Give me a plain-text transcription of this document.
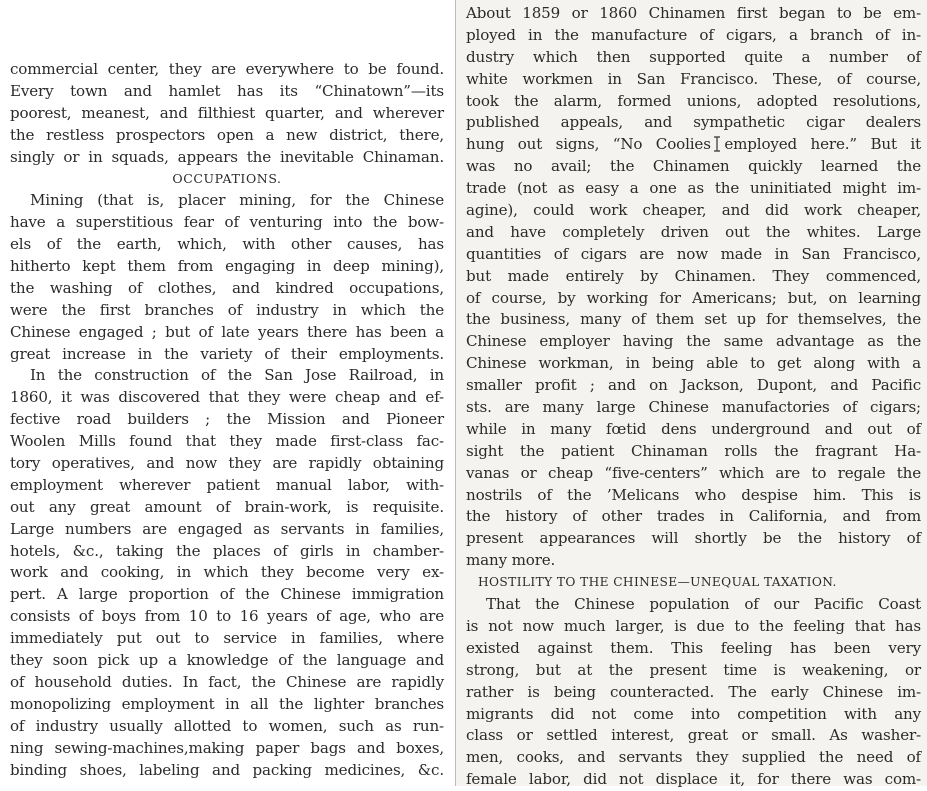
commercial center, they are everywhere to be found.
Every town and hamlet has its “Chinatown”—its
poorest, meanest, and filthiest quarter, and wherever
the restless prospectors open a new district, there,
singly or in squads, appears the inevitable Chinaman.
OCCUPATIONS.
Mining (that is, placer mining, for the Chinese
have a superstitious fear of venturing into the bow-
els of the earth, which, with other causes, has
hitherto kept them from engaging in deep mining),
the washing of clothes, and kindred occupations,
were the first branches of industry in which the
Chinese engaged ; but of late years there has been a
great increase in the variety of their employments.
In the construction of the San Jose Railroad, in
1860, it was discovered that they were cheap and ef-
fective road builders ; the Mission and Pioneer
Woolen Mills found that they made first-class fac-
tory operatives, and now they are rapidly obtaining
employment wherever patient manual labor, with-
out any great amount of brain-work, is requisite.
Large numbers are engaged as servants in families,
hotels, &c., taking the places of girls in chamber-
work and cooking, in which they become very ex-
pert. A large proportion of the Chinese immigration
consists of boys from 10 to 16 years of age, who are
immediately put out to service in families, where
they soon pick up a knowledge of the language and
of household duties. In fact, the Chinese are rapidly
monopolizing employment in all the lighter branches
of industry usually allotted to women, such as run-
ning sewing-machines,making paper bags and boxes,
binding shoes, labeling and packing medicines, &c.
About 1859 or 1860 Chinamen first began to be em-
ployed in the manufacture of cigars, a branch of in-
dustry which then supported quite a number of
white workmen in San Francisco. These, of course,
took the alarm, formed unions, adopted resolutions,
published appeals, and sympathetic cigar dealers
hung out signs, “No Coolies employed here.” But it
was no avail; the Chinamen quickly learned the
trade (not as easy a one as the uninitiated might im-
agine), could work cheaper, and did work cheaper,
and have completely driven out the whites. Large
quantities of cigars are now made in San Francisco,
but made entirely by Chinamen. They commenced,
of course, by working for Americans; but, on learning
the business, many of them set up for themselves, the
Chinese employer having the same advantage as the
Chinese workman, in being able to get along with a
smaller profit ; and on Jackson, Dupont, and Pacific
sts. are many large Chinese manufactories of cigars;
while in many fœtid dens underground and out of
sight the patient Chinaman rolls the fragrant Ha-
vanas or cheap “five-centers” which are to regale the
nostrils of the ’Melicans who despise him. This is
the history of other trades in California, and from
present appearances will shortly be the history of
many more.
HOSTILITY TO THE CHINESE—UNEQUAL TAXATION.
That the Chinese population of our Pacific Coast
is not now much larger, is due to the feeling that has
existed against them. This feeling has been very
strong, but at the present time is weakening, or
rather is being counteracted. The early Chinese im-
migrants did not come into competition with any
class or settled interest, great or small. As washer-
men, cooks, and servants they supplied the need of
female labor, did not displace it, for there was com-
